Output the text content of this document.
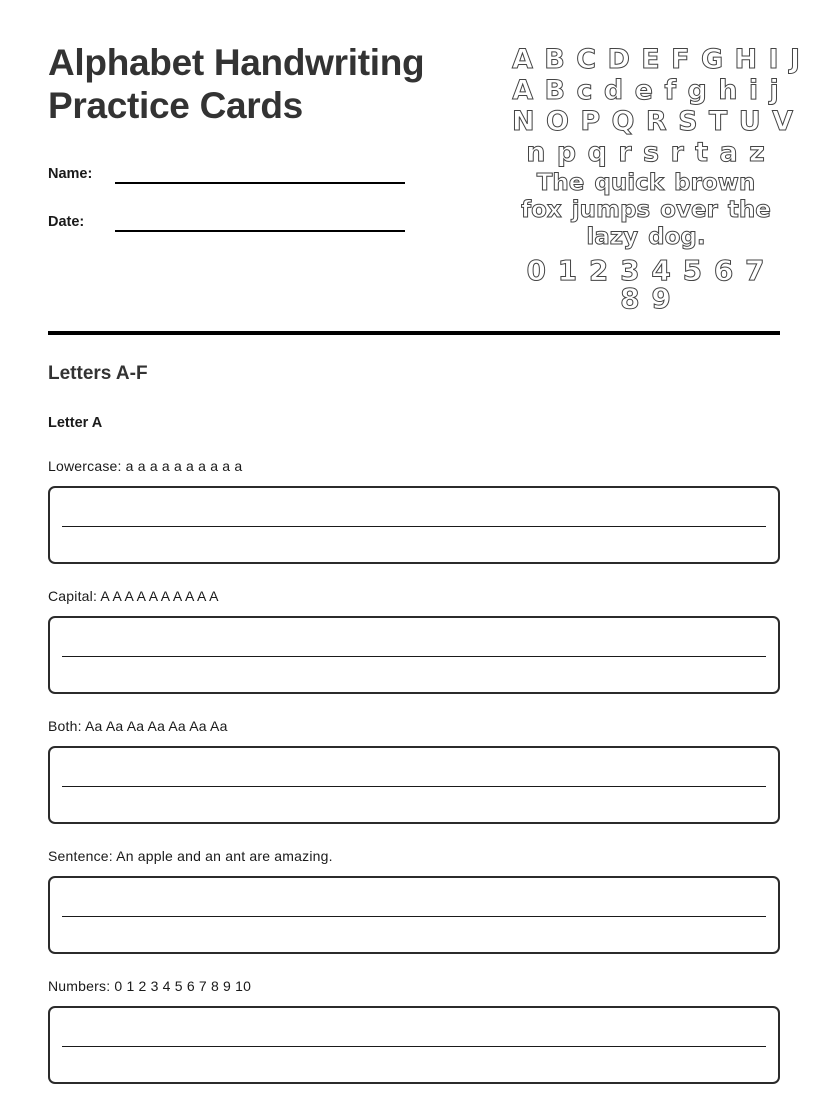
Alphabet Handwriting Practice Cards
Name:
Date:
A B C D E F G H I J
A B c d e f g h i j
N O P Q R S T U V
n p q r s r t a z
The quick brown fox jumps over the lazy dog.
0 1 2 3 4 5 6 7 8 9
Letters A-F
Letter A
Lowercase: a a a a a a a a a a
Capital: A A A A A A A A A A
Both: Aa Aa Aa Aa Aa Aa Aa
Sentence: An apple and an ant are amazing.
Numbers: 0 1 2 3 4 5 6 7 8 9 10
